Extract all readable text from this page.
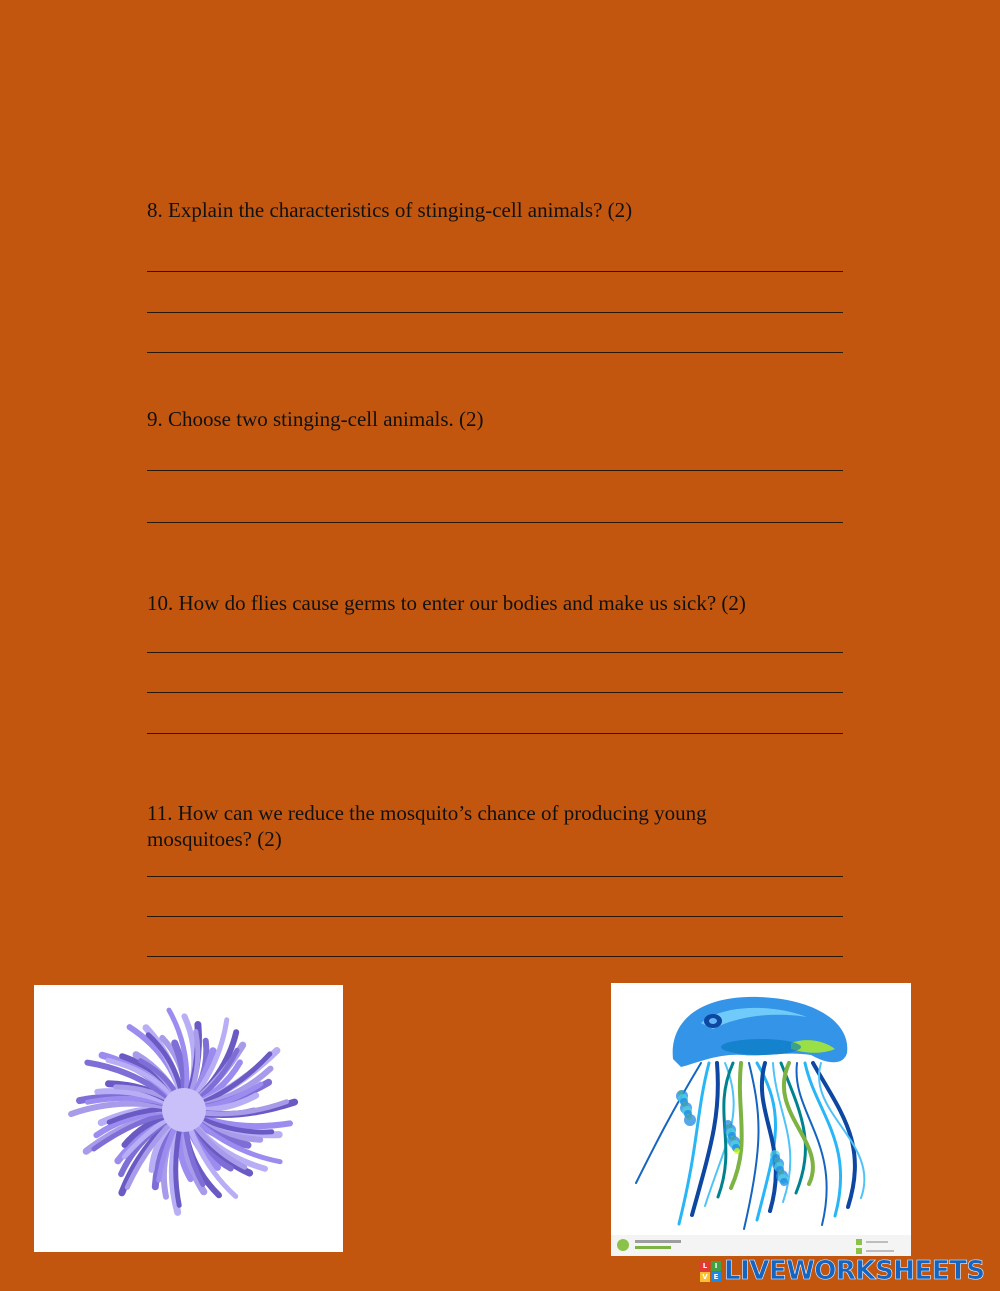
8. Explain the characteristics of stinging-cell animals? (2)

9. Choose two stinging-cell animals. (2)

10. How do flies cause germs to enter our bodies and make us sick? (2)

11. How can we reduce the mosquito’s chance of producing young
mosquitoes? (2)

L	I
V E LIVEWORKSHEETS
